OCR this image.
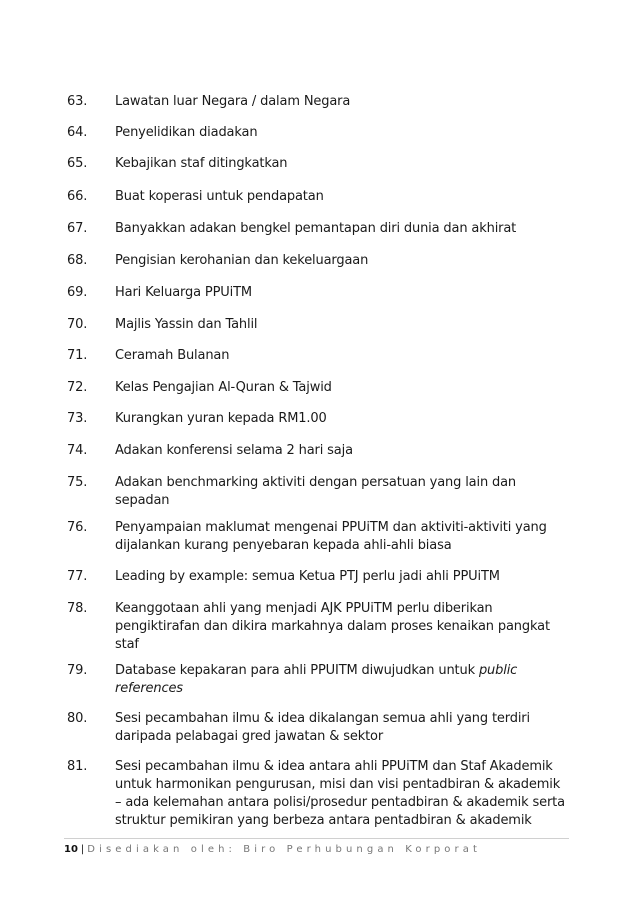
63.	Lawatan luar Negara / dalam Negara
64.	Penyelidikan diadakan
65.	Kebajikan staf ditingkatkan
66.	Buat koperasi untuk pendapatan
67.	Banyakkan adakan bengkel pemantapan diri dunia dan akhirat
68.	Pengisian kerohanian dan kekeluargaan
69.	Hari Keluarga PPUiTM
70.	Majlis Yassin dan Tahlil
71.	Ceramah Bulanan
72.	Kelas Pengajian Al-Quran & Tajwid
73.	Kurangkan yuran kepada RM1.00
74.	Adakan konferensi selama 2 hari saja
75.	Adakan benchmarking aktiviti dengan persatuan yang lain dan sepadan
76.	Penyampaian maklumat mengenai PPUiTM dan aktiviti-aktiviti yang dijalankan kurang penyebaran kepada ahli-ahli biasa
77.	Leading by example: semua Ketua PTJ perlu jadi ahli PPUiTM
78.	Keanggotaan ahli yang menjadi AJK PPUiTM perlu diberikan pengiktirafan dan dikira markahnya dalam proses kenaikan pangkat staf
79.	Database kepakaran para ahli PPUITM diwujudkan untuk public references
80.	Sesi pecambahan ilmu & idea dikalangan semua ahli yang terdiri daripada pelabagai gred jawatan & sektor
81.	Sesi pecambahan ilmu & idea antara ahli PPUiTM dan Staf Akademik untuk harmonikan pengurusan, misi dan visi pentadbiran & akademik – ada kelemahan antara polisi/prosedur pentadbiran & akademik serta struktur pemikiran yang berbeza antara pentadbiran & akademik
10 | Disediakan oleh: Biro Perhubungan Korporat
